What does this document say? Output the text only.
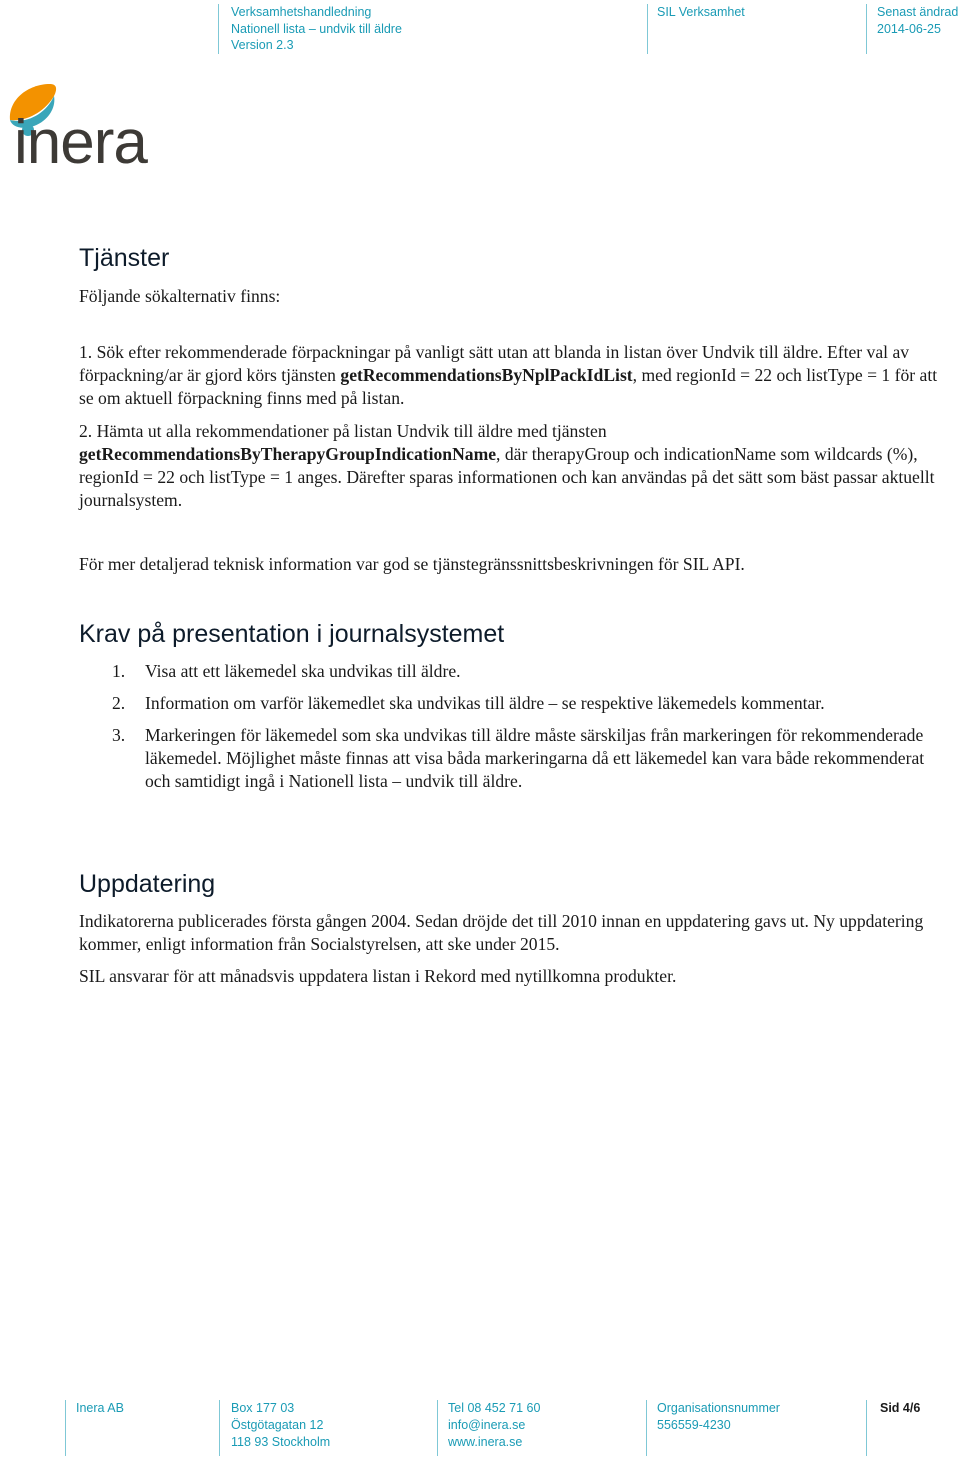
Verksamhetshandledning
Nationell lista – undvik till äldre
Version 2.3
SIL Verksamhet	Senast ändrad
2014-06-25
inera
Tjänster

Följande sökalternativ finns:

1. Sök efter rekommenderade förpackningar på vanligt sätt utan att blanda in listan över Undvik till äldre. Efter val av förpackning/ar är gjord körs tjänsten getRecommendationsByNplPackIdList, med regionId = 22 och listType = 1 för att se om aktuell förpackning finns med på listan.

2. Hämta ut alla rekommendationer på listan Undvik till äldre med tjänsten getRecommendationsByTherapyGroupIndicationName, där therapyGroup och indicationName som wildcards (%), regionId = 22 och listType = 1 anges. Därefter sparas informationen och kan användas på det sätt som bäst passar aktuellt journalsystem.

För mer detaljerad teknisk information var god se tjänstegränssnittsbeskrivningen för SIL API.

Krav på presentation i journalsystemet
1. Visa att ett läkemedel ska undvikas till äldre.
2. Information om varför läkemedlet ska undvikas till äldre – se respektive läkemedels kommentar.
3. Markeringen för läkemedel som ska undvikas till äldre måste särskiljas från markeringen för rekommenderade läkemedel. Möjlighet måste finnas att visa båda markeringarna då ett läkemedel kan vara både rekommenderat och samtidigt ingå i Nationell lista – undvik till äldre.
Uppdatering

Indikatorerna publicerades första gången 2004. Sedan dröjde det till 2010 innan en uppdatering gavs ut. Ny uppdatering kommer, enligt information från Socialstyrelsen, att ske under 2015.

SIL ansvarar för att månadsvis uppdatera listan i Rekord med nytillkomna produkter.

Inera AB	Box 177 03
Östgötagatan 12
118 93 Stockholm
Tel 08 452 71 60
info@inera.se
www.inera.se
Organisationsnummer
556559-4230
Sid 4/6
